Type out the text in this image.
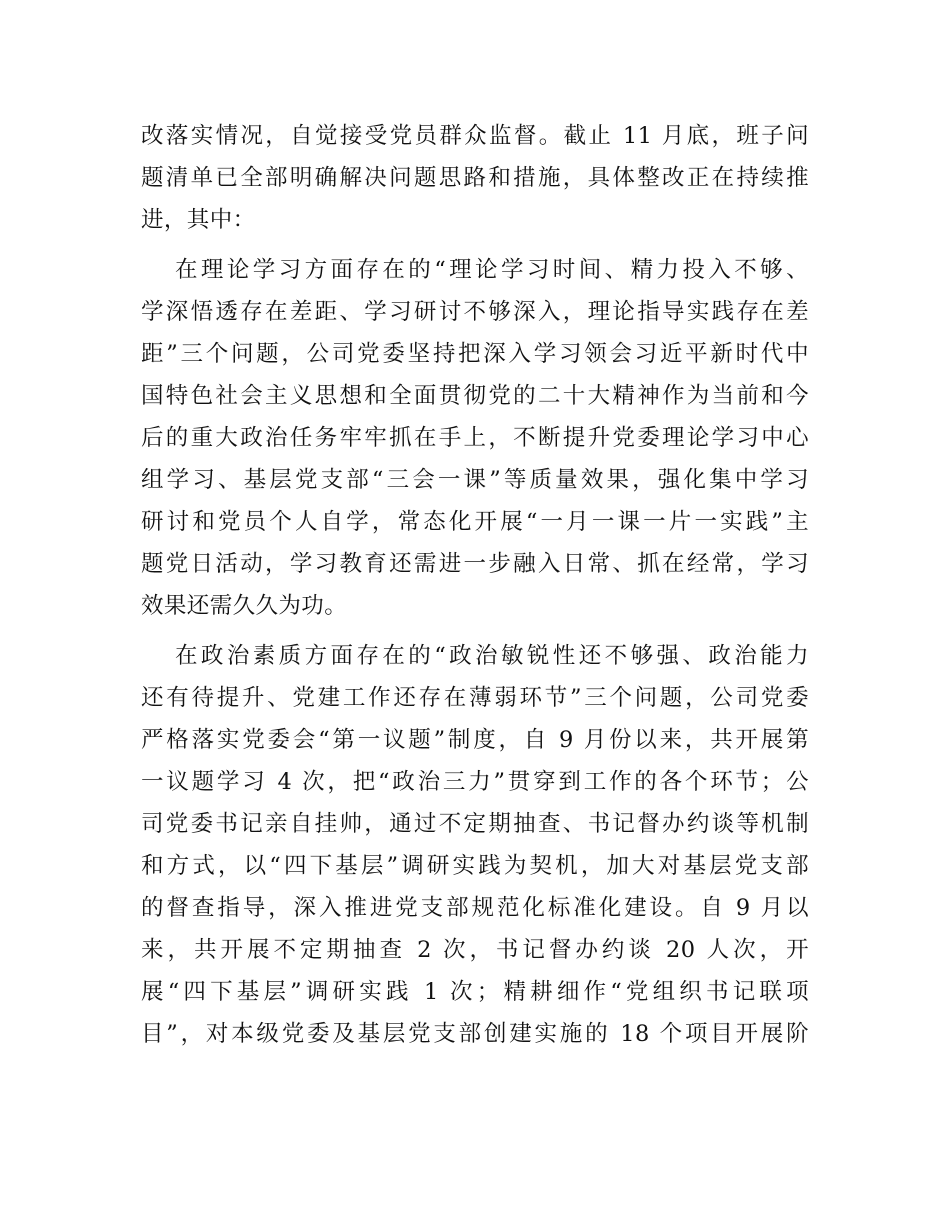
改落实情况，自觉接受党员群众监督。截止 11 月底，班子问
题清单已全部明确解决问题思路和措施，具体整改正在持续推
进，其中：
在理论学习方面存在的“理论学习时间、精力投入不够、
学深悟透存在差距、学习研讨不够深入，理论指导实践存在差
距”三个问题，公司党委坚持把深入学习领会习近平新时代中
国特色社会主义思想和全面贯彻党的二十大精神作为当前和今
后的重大政治任务牢牢抓在手上，不断提升党委理论学习中心
组学习、基层党支部“三会一课”等质量效果，强化集中学习
研讨和党员个人自学，常态化开展“一月一课一片一实践”主
题党日活动，学习教育还需进一步融入日常、抓在经常，学习
效果还需久久为功。
在政治素质方面存在的“政治敏锐性还不够强、政治能力
还有待提升、党建工作还存在薄弱环节”三个问题，公司党委
严格落实党委会“第一议题”制度，自 9 月份以来，共开展第
一议题学习 4 次，把“政治三力”贯穿到工作的各个环节；公
司党委书记亲自挂帅，通过不定期抽查、书记督办约谈等机制
和方式，以“四下基层”调研实践为契机，加大对基层党支部
的督查指导，深入推进党支部规范化标准化建设。自 9 月以
来，共开展不定期抽查 2 次，书记督办约谈 20 人次，开
展“四下基层”调研实践 1 次；精耕细作“党组织书记联项
目”，对本级党委及基层党支部创建实施的 18 个项目开展阶
